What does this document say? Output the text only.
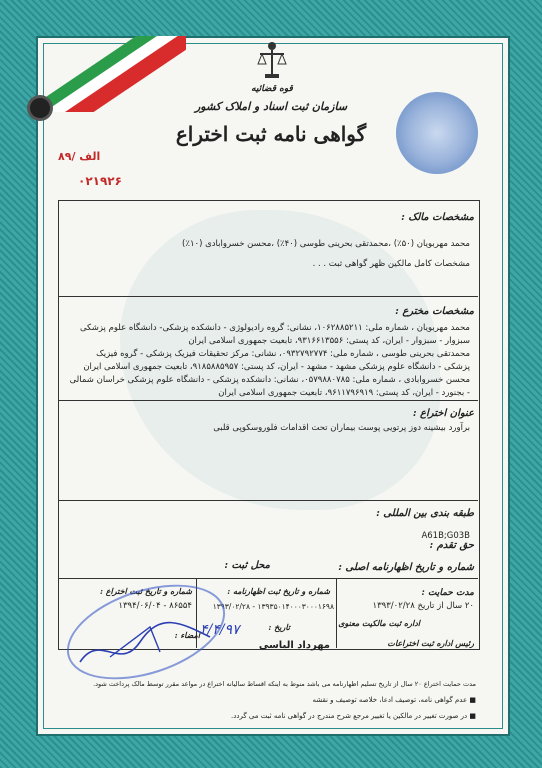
قوه قضائیه
سازمان ثبت اسناد و املاک کشور
گواهی نامه ثبت اختراع
۰۲۱۹۲۶
الف /۸۹
مشخصات مالک :
محمد مهربویان (۵۰٪) ،محمدتقی بحرینی طوسی (۴۰٪) ،محسن خسروابادی (۱۰٪)
مشخصات کامل مالکین ظهر گواهی ثبت . . .
مشخصات مخترع :
محمد مهربویان ، شماره ملی: ۱۰۶۲۸۸۵۲۱۱، نشانی: گروه رادیولوژی - دانشکده پزشکی- دانشگاه علوم پزشکی
سبزوار - سبزوار - ایران، کد پستی: ۹۳۱۶۶۱۳۵۵۶، تابعیت جمهوری اسلامی ایران
محمدتقی بحرینی طوسی ، شماره ملی: ۰۹۳۲۷۹۲۷۷۴، نشانی: مرکز تحقیقات فیزیک پزشکی - گروه فیزیک
پزشکی - دانشگاه علوم پزشکی مشهد - مشهد - ایران، کد پستی: ۹۱۸۵۸۸۵۹۵۷، تابعیت جمهوری اسلامی ایران
محسن خسروابادی ، شماره ملی: ۰۵۷۹۸۸۰۷۸۵، نشانی: دانشکده پزشکی - دانشگاه علوم پزشکی خراسان شمالی
- بجنورد - ایران، کد پستی: ۹۶۱۱۷۹۶۹۱۹، تابعیت جمهوری اسلامی ایران
عنوان اختراع :
برآورد بیشینه دوز پرتویی پوست بیماران تحت اقدامات فلوروسکوپی قلبی
طبقه بندی بین المللی :
A61B;G03B
حق تقدم :
شماره و تاریخ اظهارنامه اصلی :
محل ثبت :
مدت حمایت :
شماره و تاریخ ثبت اظهارنامه :
شماره و تاریخ ثبت اختراع :
۲۰ سال از تاریخ ۱۳۹۳/۰۲/۲۸
۱۳۹۳۵۰۱۴۰۰۰۳۰۰۰۱۶۹۸ - ۱۳۹۳/۰۲/۲۸
۸۶۵۵۴ - ۱۳۹۴/۰۶/۰۴
اداره ثبت مالکیت معنوی
رئیس اداره ثبت اختراعات
مهرداد الیاسی
امضاء :
تاریخ :
۴/۴/۹۷
مدت حمایت اختراع ۲۰ سال از تاریخ تسلیم اظهارنامه می باشد منوط به اینکه اقساط سالیانه اختراع در مواعد مقرر توسط مالک پرداخت شود.
■ عدم گواهی نامه، توصیف ادعا، خلاصه توصیف و نقشه
■ در صورت تغییر در مالکین یا تغییر مرجع شرح مندرج در گواهی نامه ثبت می گردد.
